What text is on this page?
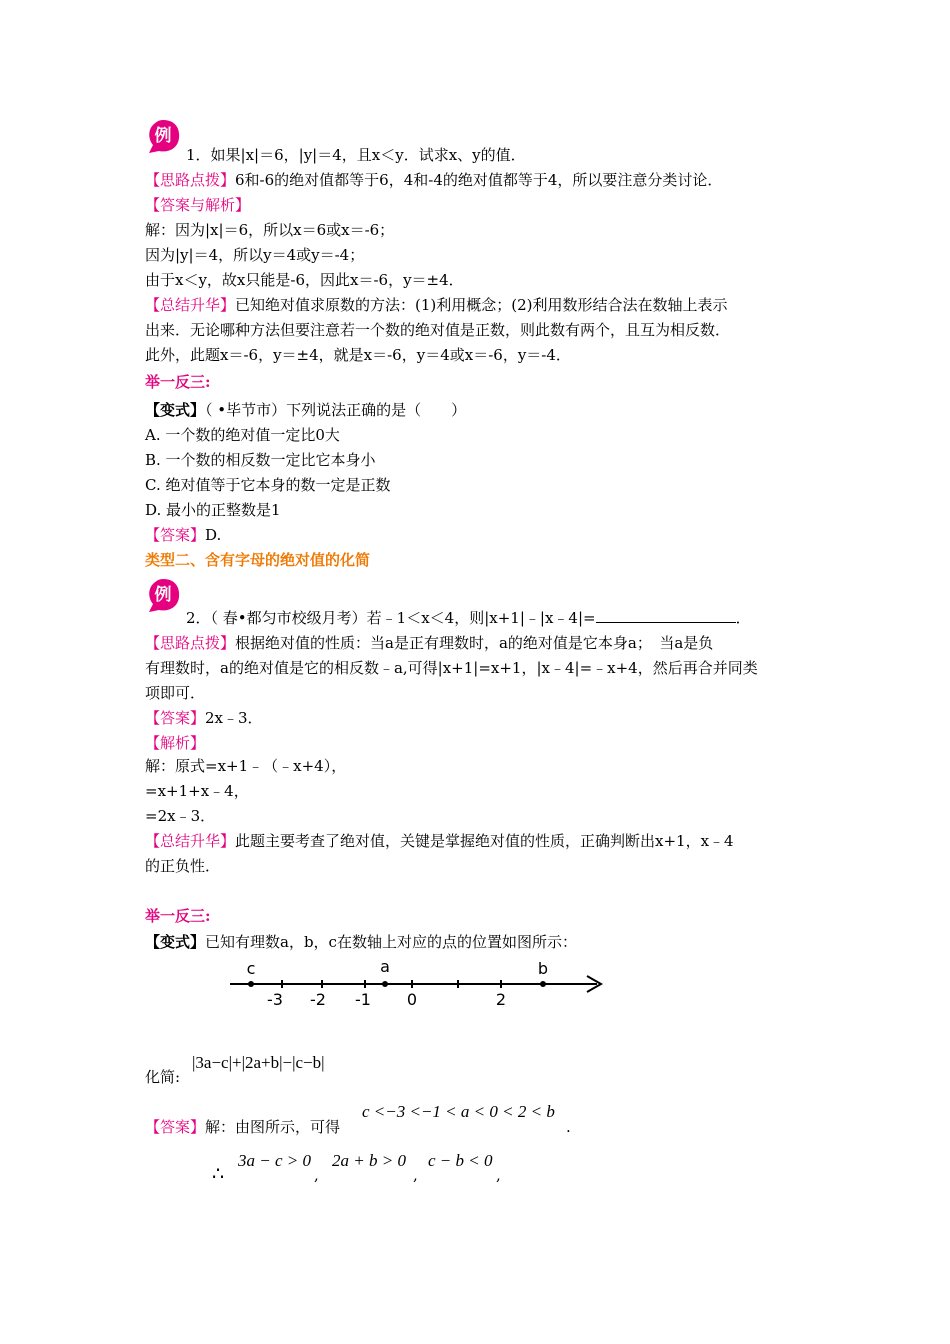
例
1．如果|x|＝6，|y|＝4，且x＜y．试求x、y的值．
【思路点拨】6和-6的绝对值都等于6，4和-4的绝对值都等于4，所以要注意分类讨论．
【答案与解析】
解：因为|x|＝6，所以x＝6或x＝-6；
因为|y|＝4，所以y＝4或y＝-4；
由于x＜y，故x只能是-6，因此x＝-6，y＝±4．
【总结升华】已知绝对值求原数的方法：(1)利用概念；(2)利用数形结合法在数轴上表示
出来．无论哪种方法但要注意若一个数的绝对值是正数，则此数有两个，且互为相反数．
此外，此题x＝-6，y＝±4，就是x＝-6，y＝4或x＝-6，y＝-4．
举一反三:
【变式】（ •毕节市）下列说法正确的是（　　）
A. 一个数的绝对值一定比0大
B. 一个数的相反数一定比它本身小
C. 绝对值等于它本身的数一定是正数
D. 最小的正整数是1
【答案】D.
类型二、含有字母的绝对值的化简
例
2．（ 春•都匀市校级月考）若﹣1＜x＜4，则|x+1|﹣|x﹣4|=	．
【思路点拨】根据绝对值的性质：当a是正有理数时，a的绝对值是它本身a；　当a是负
有理数时，a的绝对值是它的相反数﹣a,可得|x+1|=x+1，|x﹣4|=﹣x+4，然后再合并同类
项即可．
【答案】2x﹣3．
【解析】
解：原式=x+1﹣（﹣x+4），
=x+1+x﹣4，
=2x﹣3．
【总结升华】此题主要考查了绝对值，关键是掌握绝对值的性质，正确判断出x+1，x﹣4
的正负性．
举一反三:
【变式】已知有理数a，b，c在数轴上对应的点的位置如图所示：
-3 -2 -1 0	2
c	a	b
|3a−c|+|2a+b|−|c−b|
化简:
c <−3 <−1 < a < 0 < 2 < b
【答案】解：由图所示，可得	.
∴
3a − c > 0
,
2a + b > 0
,
c − b < 0
,
